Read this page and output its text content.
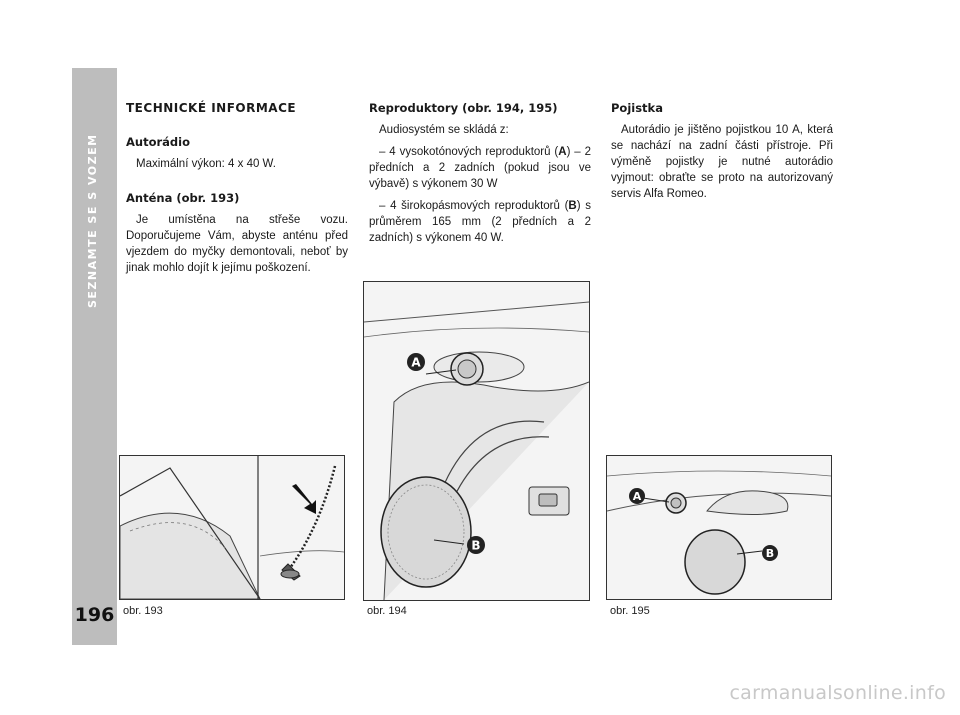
SEZNAMTE SE S VOZEM
196
TECHNICKÉ INFORMACE
Autorádio

Maximální výkon: 4 x 40 W.

Anténa (obr. 193)

Je umístěna na střeše vozu. Doporučujeme Vám, abyste anténu před vjezdem do myčky demontovali, neboť by jinak mohlo dojít k jejímu poškození.

Reproduktory (obr. 194, 195)

Audiosystém se skládá z:

– 4 vysokotónových reproduktorů (A) – 2 předních a 2 zadních (pokud jsou ve výbavě) s výkonem 30 W

– 4 širokopásmových reproduktorů (B) s průměrem 165 mm (2 předních a 2 zadních) s výkonem 40 W.

Pojistka

Autorádio je jištěno pojistkou 10 A, která se nachází na zadní části přístroje. Při výměně pojistky je nutné autorádio vyjmout: obraťte se proto na autorizovaný servis Alfa Romeo.

obr. 193
A
B
obr. 194
A
B
obr. 195
carmanualsonline.info
